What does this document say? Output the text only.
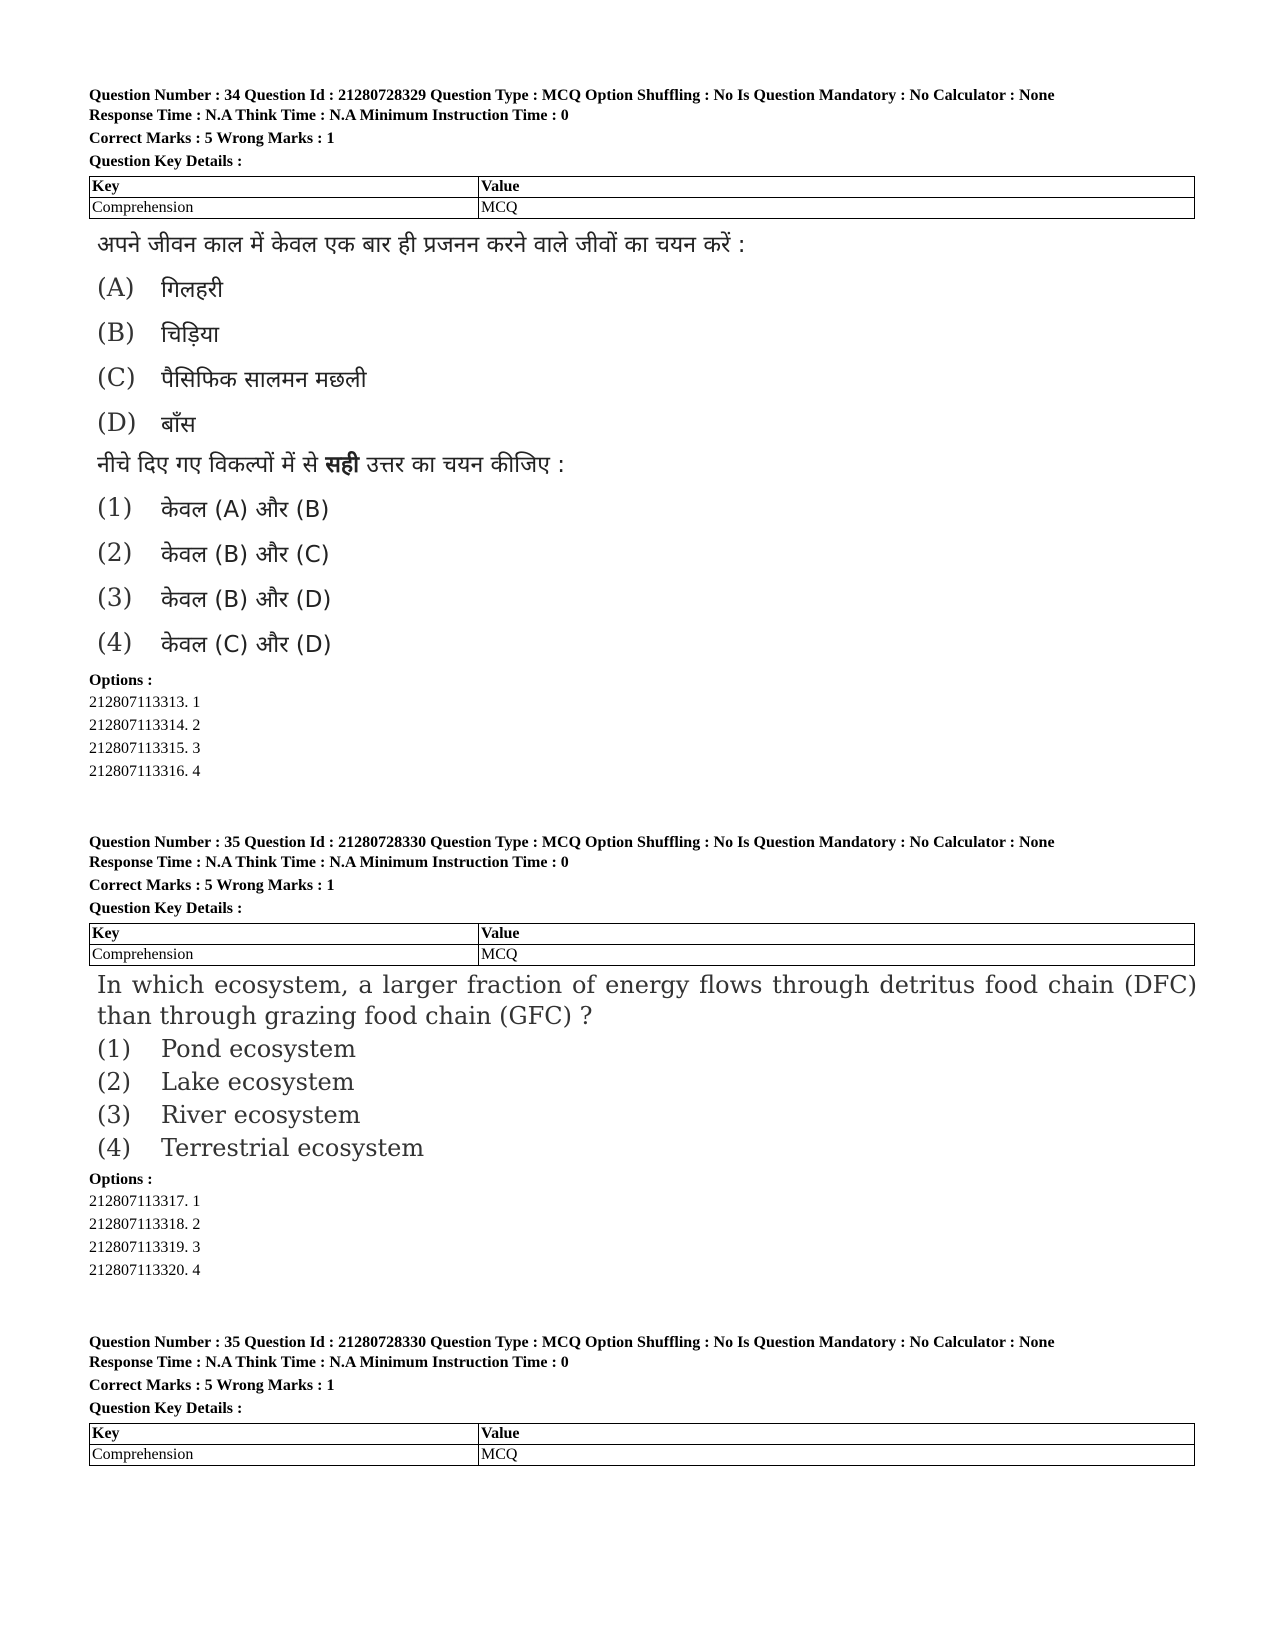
Question Number : 34 Question Id : 21280728329 Question Type : MCQ Option Shuffling : No Is Question Mandatory : No Calculator : None
Response Time : N.A Think Time : N.A Minimum Instruction Time : 0
Correct Marks : 5 Wrong Marks : 1
Question Key Details :
Key	Value
Comprehension	MCQ
अपने जीवन काल में केवल एक बार ही प्रजनन करने वाले जीवों का चयन करें :
(A)	गिलहरी
(B)	चिड़िया
(C)	पैसिफिक सालमन मछली
(D)	बाँस
नीचे दिए गए विकल्पों में से सही उत्तर का चयन कीजिए :
(1)	केवल (A) और (B)
(2)	केवल (B) और (C)
(3)	केवल (B) और (D)
(4)	केवल (C) और (D)
Options :
212807113313. 1
212807113314. 2
212807113315. 3
212807113316. 4
Question Number : 35 Question Id : 21280728330 Question Type : MCQ Option Shuffling : No Is Question Mandatory : No Calculator : None
Response Time : N.A Think Time : N.A Minimum Instruction Time : 0
Correct Marks : 5 Wrong Marks : 1
Question Key Details :
Key	Value
Comprehension	MCQ
In which ecosystem, a larger fraction of energy flows through detritus food chain (DFC) than through grazing food chain (GFC) ?
(1)	Pond ecosystem
(2)	Lake ecosystem
(3)	River ecosystem
(4)	Terrestrial ecosystem
Options :
212807113317. 1
212807113318. 2
212807113319. 3
212807113320. 4
Question Number : 35 Question Id : 21280728330 Question Type : MCQ Option Shuffling : No Is Question Mandatory : No Calculator : None
Response Time : N.A Think Time : N.A Minimum Instruction Time : 0
Correct Marks : 5 Wrong Marks : 1
Question Key Details :
Key	Value
Comprehension	MCQ
